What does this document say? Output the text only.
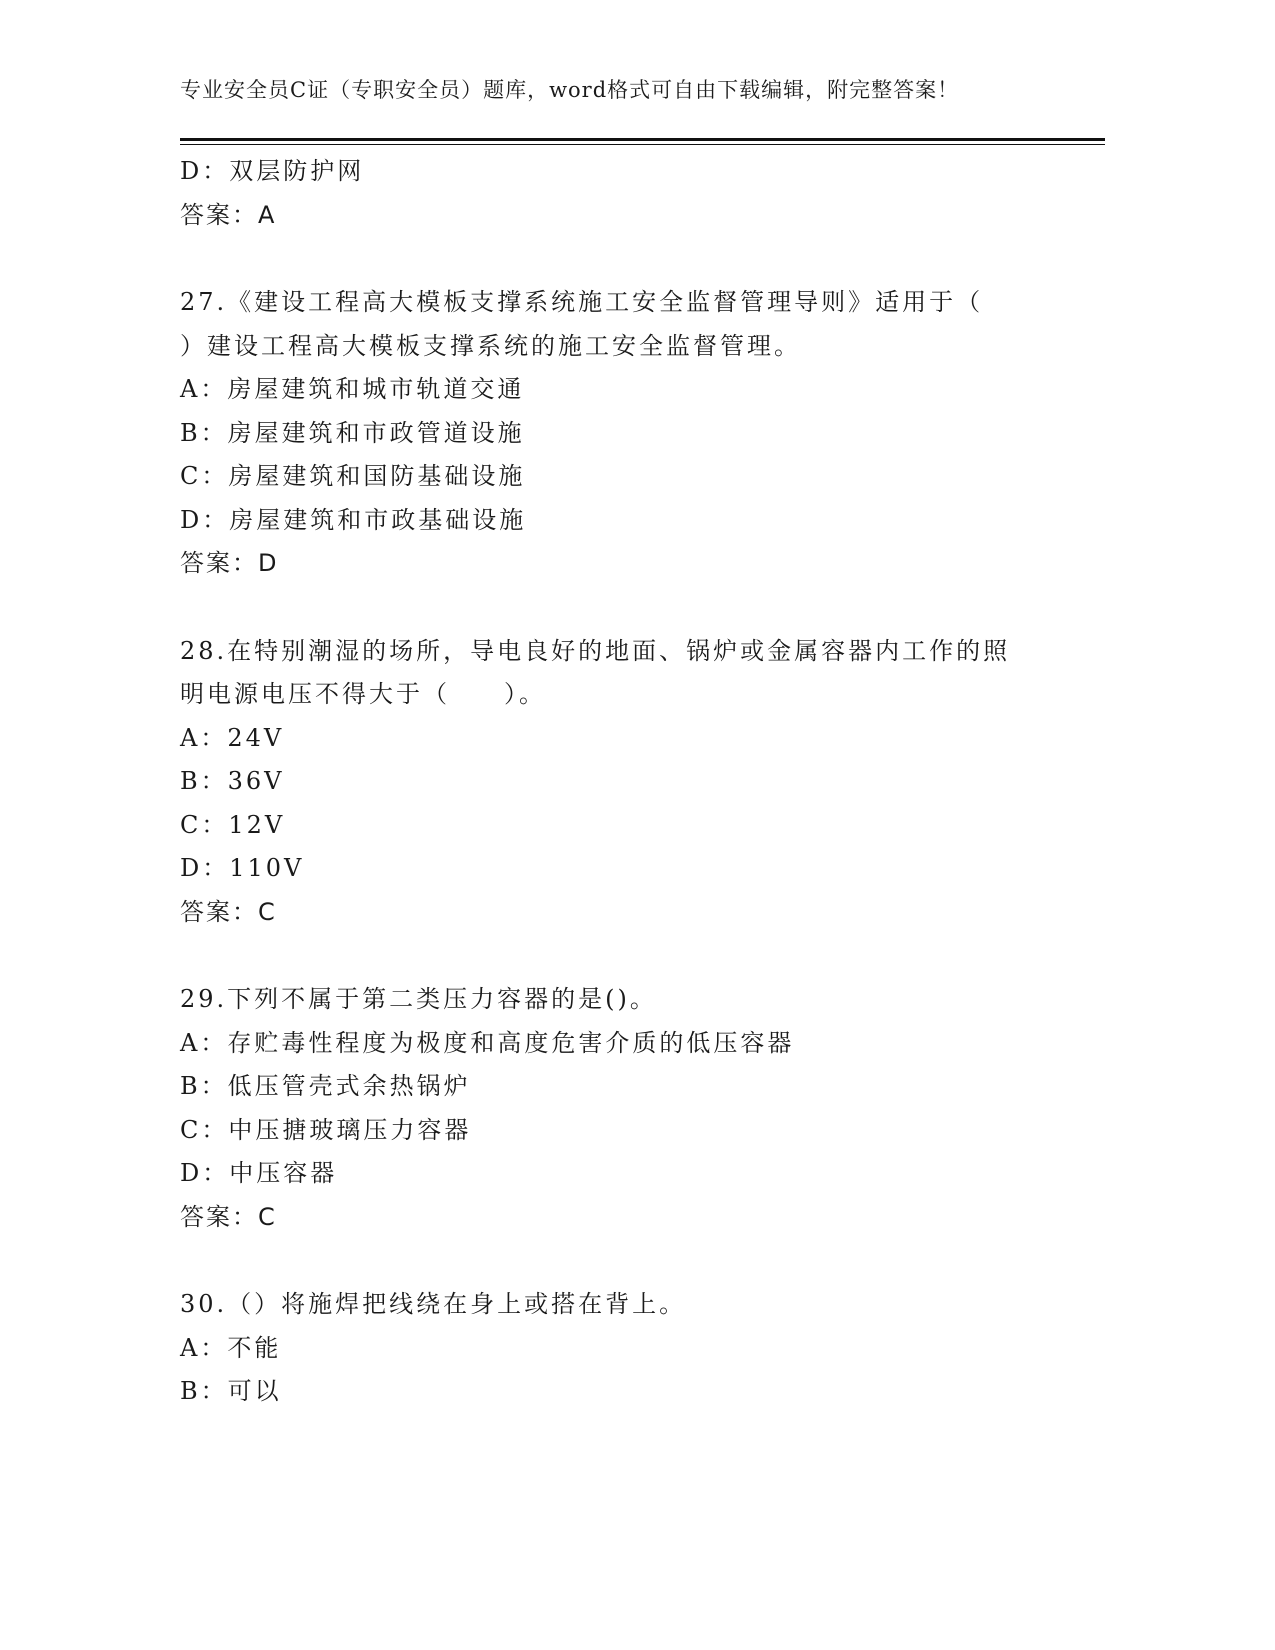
专业安全员C证（专职安全员）题库，word格式可自由下载编辑，附完整答案！
D：双层防护网
答案：A
27.《建设工程高大模板支撑系统施工安全监督管理导则》适用于（
）建设工程高大模板支撑系统的施工安全监督管理。
A：房屋建筑和城市轨道交通
B：房屋建筑和市政管道设施
C：房屋建筑和国防基础设施
D：房屋建筑和市政基础设施
答案：D
28.在特别潮湿的场所，导电良好的地面、锅炉或金属容器内工作的照
明电源电压不得大于（　　）。
A：24V
B：36V
C：12V
D：110V
答案：C
29.下列不属于第二类压力容器的是()。
A：存贮毒性程度为极度和高度危害介质的低压容器
B：低压管壳式余热锅炉
C：中压搪玻璃压力容器
D：中压容器
答案：C
30.（）将施焊把线绕在身上或搭在背上。
A：不能
B：可以
